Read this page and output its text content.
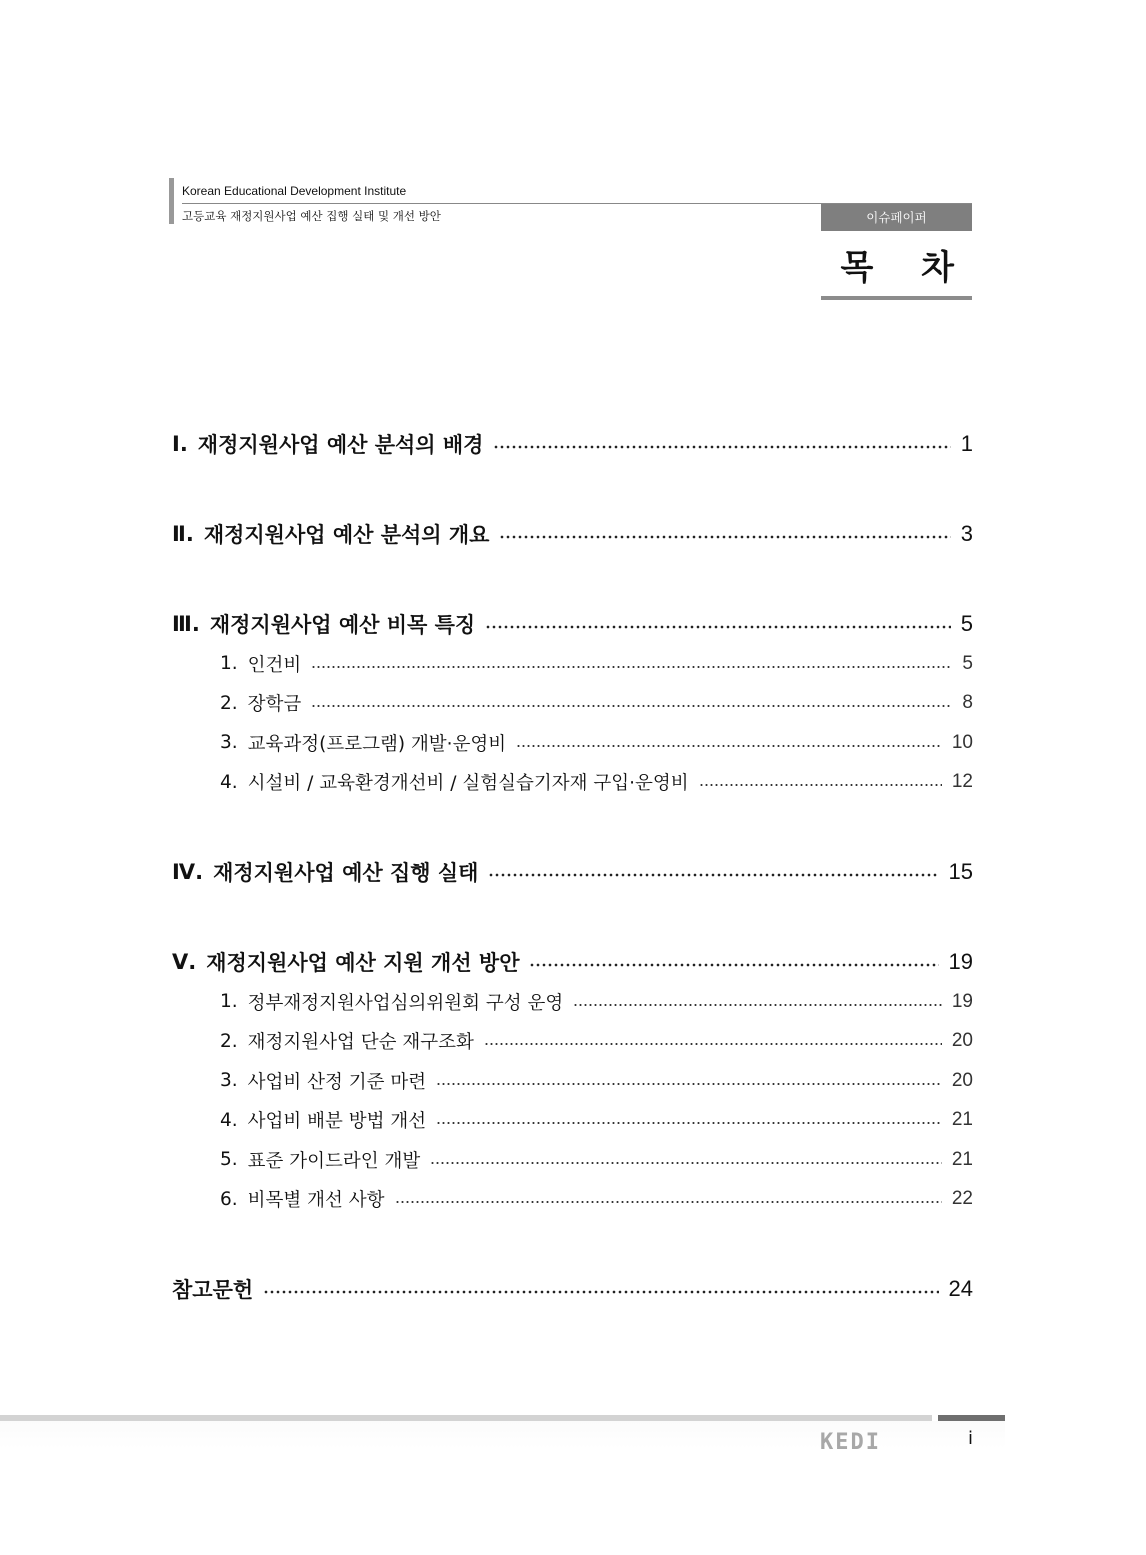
Korean Educational Development Institute
고등교육 재정지원사업 예산 집행 실태 및 개선 방안	이슈페이퍼
목 차
Ⅰ. 재정지원사업 예산 분석의 배경	1
Ⅱ. 재정지원사업 예산 분석의 개요	3
Ⅲ. 재정지원사업 예산 비목 특징	5
1. 인건비	5
2. 장학금	8
3. 교육과정(프로그램) 개발·운영비	10
4. 시설비 / 교육환경개선비 / 실험실습기자재 구입·운영비	12
Ⅳ. 재정지원사업 예산 집행 실태	15
Ⅴ. 재정지원사업 예산 지원 개선 방안	19
1. 정부재정지원사업심의위원회 구성 운영	19
2. 재정지원사업 단순 재구조화	20
3. 사업비 산정 기준 마련	20
4. 사업비 배분 방법 개선	21
5. 표준 가이드라인 개발	21
6. 비목별 개선 사항	22
참고문헌	24
KEDI	i
